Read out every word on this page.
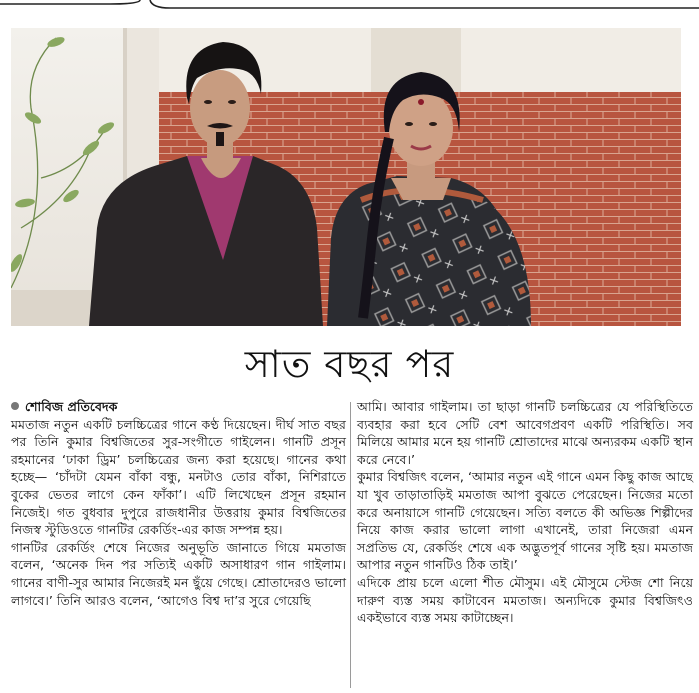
সাত বছর পর

শোবিজ প্রতিবেদক

মমতাজ নতুন একটি চলচ্চিত্রের গানে কণ্ঠ দিয়েছেন। দীর্ঘ সাত বছর পর তিনি কুমার বিশ্বজিতের সুর-সংগীতে গাইলেন। গানটি প্রসূন রহমানের ‘ঢাকা ড্রিম’ চলচ্চিত্রের জন্য করা হয়েছে। গানের কথা হচ্ছে— ‘চাঁদটা যেমন বাঁকা বন্ধু, মনটাও তোর বাঁকা, নিশিরাতে বুকের ভেতর লাগে কেন ফাঁকা’। এটি লিখেছেন প্রসূন রহমান নিজেই। গত বুধবার দুপুরে রাজধানীর উত্তরায় কুমার বিশ্বজিতের নিজস্ব স্টুডিওতে গানটির রেকর্ডিং-এর কাজ সম্পন্ন হয়।

গানটির রেকর্ডিং শেষে নিজের অনুভূতি জানাতে গিয়ে মমতাজ বলেন, ‘অনেক দিন পর সত্যিই একটি অসাধারণ গান গাইলাম। গানের বাণী-সুর আমার নিজেরই মন ছুঁয়ে গেছে। শ্রোতাদেরও ভালো লাগবে।’ তিনি আরও বলেন, ‘আগেও বিশ্ব দা’র সুরে গেয়েছি

আমি। আবার গাইলাম। তা ছাড়া গানটি চলচ্চিত্রের যে পরিস্থিতিতে ব্যবহার করা হবে সেটি বেশ আবেগপ্রবণ একটি পরিস্থিতি। সব মিলিয়ে আমার মনে হয় গানটি শ্রোতাদের মাঝে অন্যরকম একটি স্থান করে নেবে।’

কুমার বিশ্বজিৎ বলেন, ‘আমার নতুন এই গানে এমন কিছু কাজ আছে যা খুব তাড়াতাড়িই মমতাজ আপা বুঝতে পেরেছেন। নিজের মতো করে অনায়াসে গানটি গেয়েছেন। সত্যি বলতে কী অভিজ্ঞ শিল্পীদের নিয়ে কাজ করার ভালো লাগা এখানেই, তারা নিজেরা এমন সপ্রতিভ যে, রেকর্ডিং শেষে এক অদ্ভুতপূর্ব গানের সৃষ্টি হয়। মমতাজ আপার নতুন গানটিও ঠিক তাই।’

এদিকে প্রায় চলে এলো শীত মৌসুম। এই মৌসুমে স্টেজ শো নিয়ে দারুণ ব্যস্ত সময় কাটাবেন মমতাজ। অন্যদিকে কুমার বিশ্বজিৎও একইভাবে ব্যস্ত সময় কাটাচ্ছেন।
